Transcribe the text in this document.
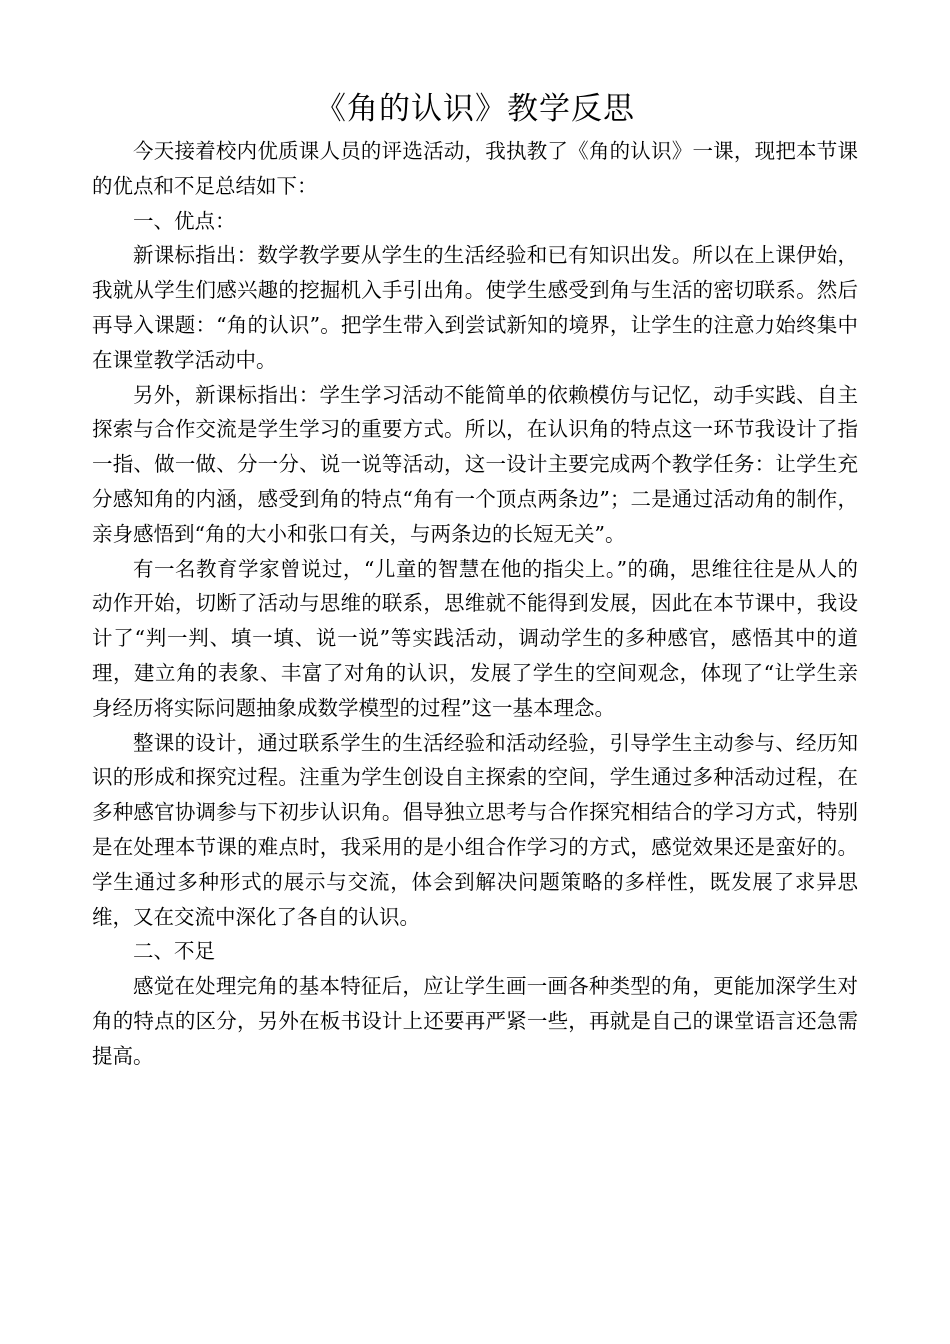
《角的认识》教学反思

今天接着校内优质课人员的评选活动，我执教了《角的认识》一课，现把本节课的优点和不足总结如下：

一、优点：

新课标指出：数学教学要从学生的生活经验和已有知识出发。所以在上课伊始，我就从学生们感兴趣的挖掘机入手引出角。使学生感受到角与生活的密切联系。然后再导入课题：“角的认识”。把学生带入到尝试新知的境界，让学生的注意力始终集中在课堂教学活动中。

另外，新课标指出：学生学习活动不能简单的依赖模仿与记忆，动手实践、自主探索与合作交流是学生学习的重要方式。所以，在认识角的特点这一环节我设计了指一指、做一做、分一分、说一说等活动，这一设计主要完成两个教学任务：让学生充分感知角的内涵，感受到角的特点“角有一个顶点两条边”；二是通过活动角的制作，亲身感悟到“角的大小和张口有关，与两条边的长短无关”。

有一名教育学家曾说过，“儿童的智慧在他的指尖上。”的确，思维往往是从人的动作开始，切断了活动与思维的联系，思维就不能得到发展，因此在本节课中，我设计了“判一判、填一填、说一说”等实践活动，调动学生的多种感官，感悟其中的道理，建立角的表象、丰富了对角的认识，发展了学生的空间观念，体现了“让学生亲身经历将实际问题抽象成数学模型的过程”这一基本理念。

整课的设计，通过联系学生的生活经验和活动经验，引导学生主动参与、经历知识的形成和探究过程。注重为学生创设自主探索的空间，学生通过多种活动过程，在多种感官协调参与下初步认识角。倡导独立思考与合作探究相结合的学习方式，特别是在处理本节课的难点时，我采用的是小组合作学习的方式，感觉效果还是蛮好的。学生通过多种形式的展示与交流，体会到解决问题策略的多样性，既发展了求异思维，又在交流中深化了各自的认识。

二、不足

感觉在处理完角的基本特征后，应让学生画一画各种类型的角，更能加深学生对角的特点的区分，另外在板书设计上还要再严紧一些，再就是自己的课堂语言还急需提高。
